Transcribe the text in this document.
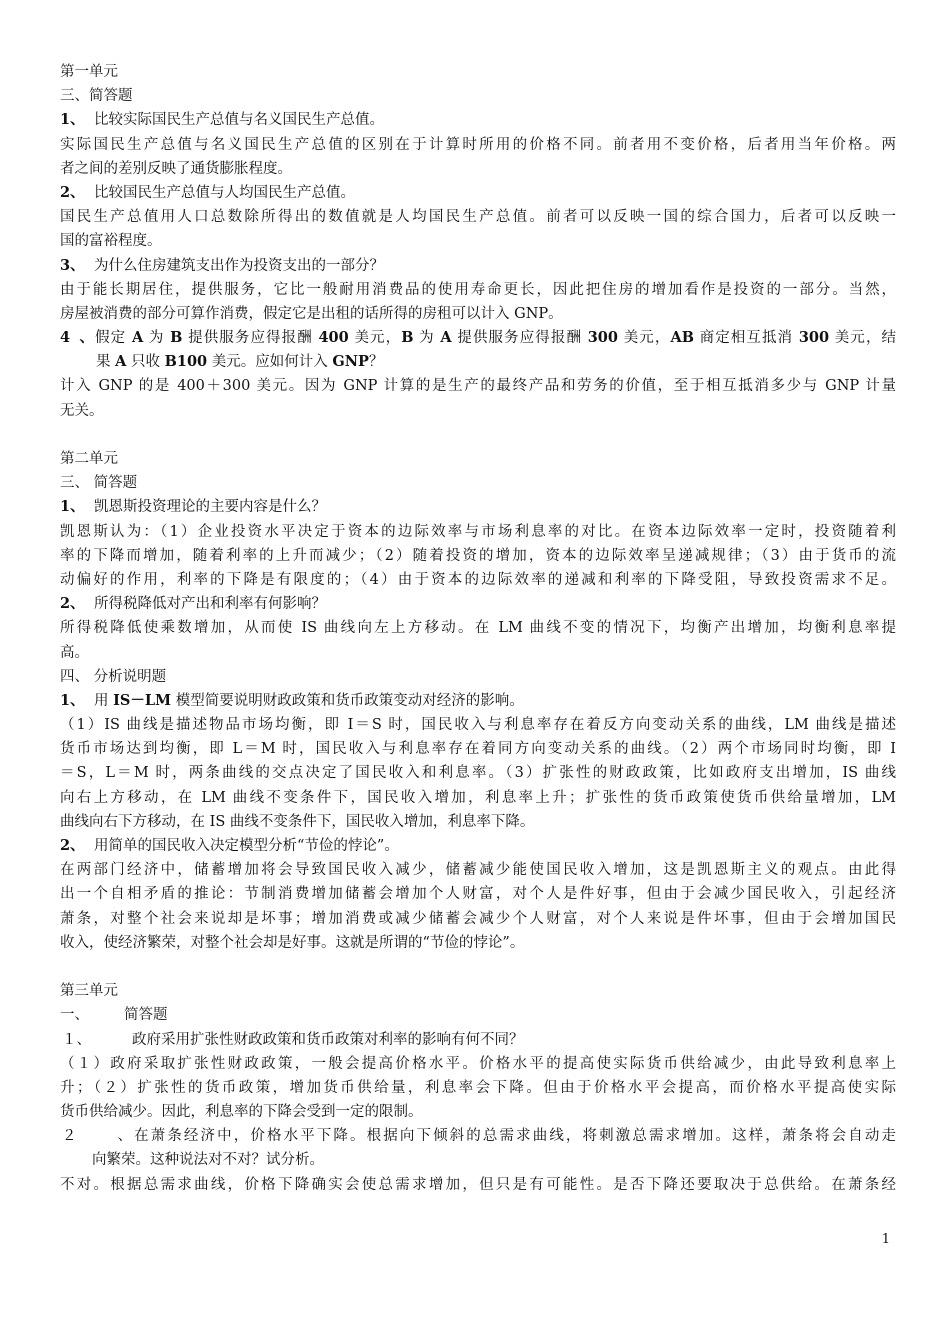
第一单元
三、简答题
1、 比较实际国民生产总值与名义国民生产总值。
实际国民生产总值与名义国民生产总值的区别在于计算时所用的价格不同。前者用不变价格，后者用当年价格。两
者之间的差别反映了通货膨胀程度。
2、 比较国民生产总值与人均国民生产总值。
国民生产总值用人口总数除所得出的数值就是人均国民生产总值。前者可以反映一国的综合国力，后者可以反映一
国的富裕程度。
3、 为什么住房建筑支出作为投资支出的一部分？
由于能长期居住，提供服务，它比一般耐用消费品的使用寿命更长，因此把住房的增加看作是投资的一部分。当然，
房屋被消费的部分可算作消费，假定它是出租的话所得的房租可以计入 GNP。
4、假定 A 为 B 提供服务应得报酬 400 美元，B 为 A 提供服务应得报酬 300 美元，AB 商定相互抵消 300 美元，结
果 A 只收 B100 美元。应如何计入 GNP？
计入 GNP 的是 400＋300 美元。因为 GNP 计算的是生产的最终产品和劳务的价值，至于相互抵消多少与 GNP 计量
无关。
第二单元
三、 简答题
1、 凯恩斯投资理论的主要内容是什么？
凯恩斯认为：（1）企业投资水平决定于资本的边际效率与市场利息率的对比。在资本边际效率一定时，投资随着利
率的下降而增加，随着利率的上升而减少；（2）随着投资的增加，资本的边际效率呈递减规律；（3）由于货币的流
动偏好的作用，利率的下降是有限度的；（4）由于资本的边际效率的递减和利率的下降受阻，导致投资需求不足。
2、 所得税降低对产出和利率有何影响？
所得税降低使乘数增加，从而使 IS 曲线向左上方移动。在 LM 曲线不变的情况下，均衡产出增加，均衡利息率提
高。
四、 分析说明题
1、 用 IS－LM 模型简要说明财政政策和货币政策变动对经济的影响。
（1）IS 曲线是描述物品市场均衡，即 I＝S 时，国民收入与利息率存在着反方向变动关系的曲线，LM 曲线是描述
货币市场达到均衡，即 L＝M 时，国民收入与利息率存在着同方向变动关系的曲线。（2）两个市场同时均衡，即 I
＝S，L＝M 时，两条曲线的交点决定了国民收入和利息率。（3）扩张性的财政政策，比如政府支出增加，IS 曲线
向右上方移动，在 LM 曲线不变条件下，国民收入增加，利息率上升；扩张性的货币政策使货币供给量增加，LM
曲线向右下方移动，在 IS 曲线不变条件下，国民收入增加，利息率下降。
2、 用简单的国民收入决定模型分析“节俭的悖论”。
在两部门经济中，储蓄增加将会导致国民收入减少，储蓄减少能使国民收入增加，这是凯恩斯主义的观点。由此得
出一个自相矛盾的推论：节制消费增加储蓄会增加个人财富，对个人是件好事，但由于会减少国民收入，引起经济
萧条，对整个社会来说却是坏事；增加消费或减少储蓄会减少个人财富，对个人来说是件坏事，但由于会增加国民
收入，使经济繁荣，对整个社会却是好事。这就是所谓的“节俭的悖论”。
第三单元
一、 简答题
１、	政府采用扩张性财政政策和货币政策对利率的影响有何不同？
（１）政府采取扩张性财政政策，一般会提高价格水平。价格水平的提高使实际货币供给减少，由此导致利息率上
升；（２）扩张性的货币政策，增加货币供给量，利息率会下降。但由于价格水平会提高，而价格水平提高使实际
货币供给减少。因此，利息率的下降会受到一定的限制。
２、在萧条经济中，价格水平下降。根据向下倾斜的总需求曲线，将刺激总需求增加。这样，萧条将会自动走
向繁荣。这种说法对不对？试分析。
不对。根据总需求曲线，价格下降确实会使总需求增加，但只是有可能性。是否下降还要取决于总供给。在萧条经
1
